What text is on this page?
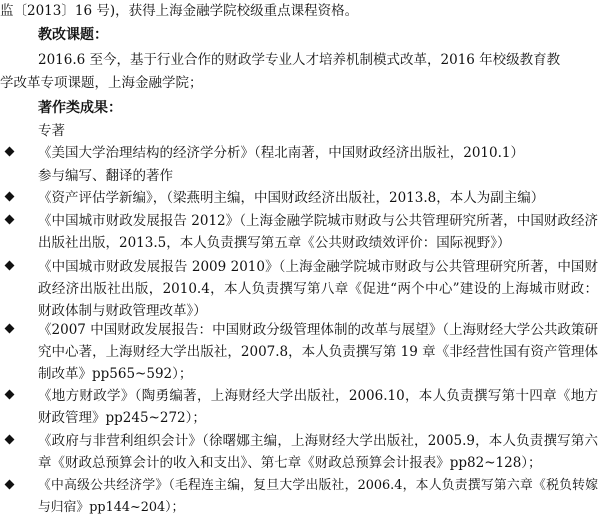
监〔2013〕16 号)，获得上海金融学院校级重点课程资格。
教改课题：
2016.6 至今，基于行业合作的财政学专业人才培养机制模式改革，2016 年校级教育教
学改革专项课题，上海金融学院；
著作类成果：
专著
《美国大学治理结构的经济学分析》（程北南著，中国财政经济出版社，2010.1）
参与编写、翻译的著作
《资产评估学新编》，（梁燕明主编，中国财政经济出版社，2013.8，本人为副主编）
《中国城市财政发展报告 2012》（上海金融学院城市财政与公共管理研究所著，中国财政经济出版社出版，2013.5，本人负责撰写第五章《公共财政绩效评价：国际视野》）
《中国城市财政发展报告 2009 2010》（上海金融学院城市财政与公共管理研究所著，中国财政经济出版社出版，2010.4，本人负责撰写第八章《促进“两个中心”建设的上海城市财政：财政体制与财政管理改革》）
《2007 中国财政发展报告：中国财政分级管理体制的改革与展望》（上海财经大学公共政策研究中心著，上海财经大学出版社，2007.8，本人负责撰写第 19 章《非经营性国有资产管理体制改革》pp565~592）；
《地方财政学》（陶勇编著，上海财经大学出版社，2006.10，本人负责撰写第十四章《地方财政管理》pp245~272）；
《政府与非营利组织会计》（徐曙娜主编，上海财经大学出版社，2005.9，本人负责撰写第六章《财政总预算会计的收入和支出》、第七章《财政总预算会计报表》pp82~128）；
《中高级公共经济学》（毛程连主编，复旦大学出版社，2006.4，本人负责撰写第六章《税负转嫁与归宿》pp144~204）；
